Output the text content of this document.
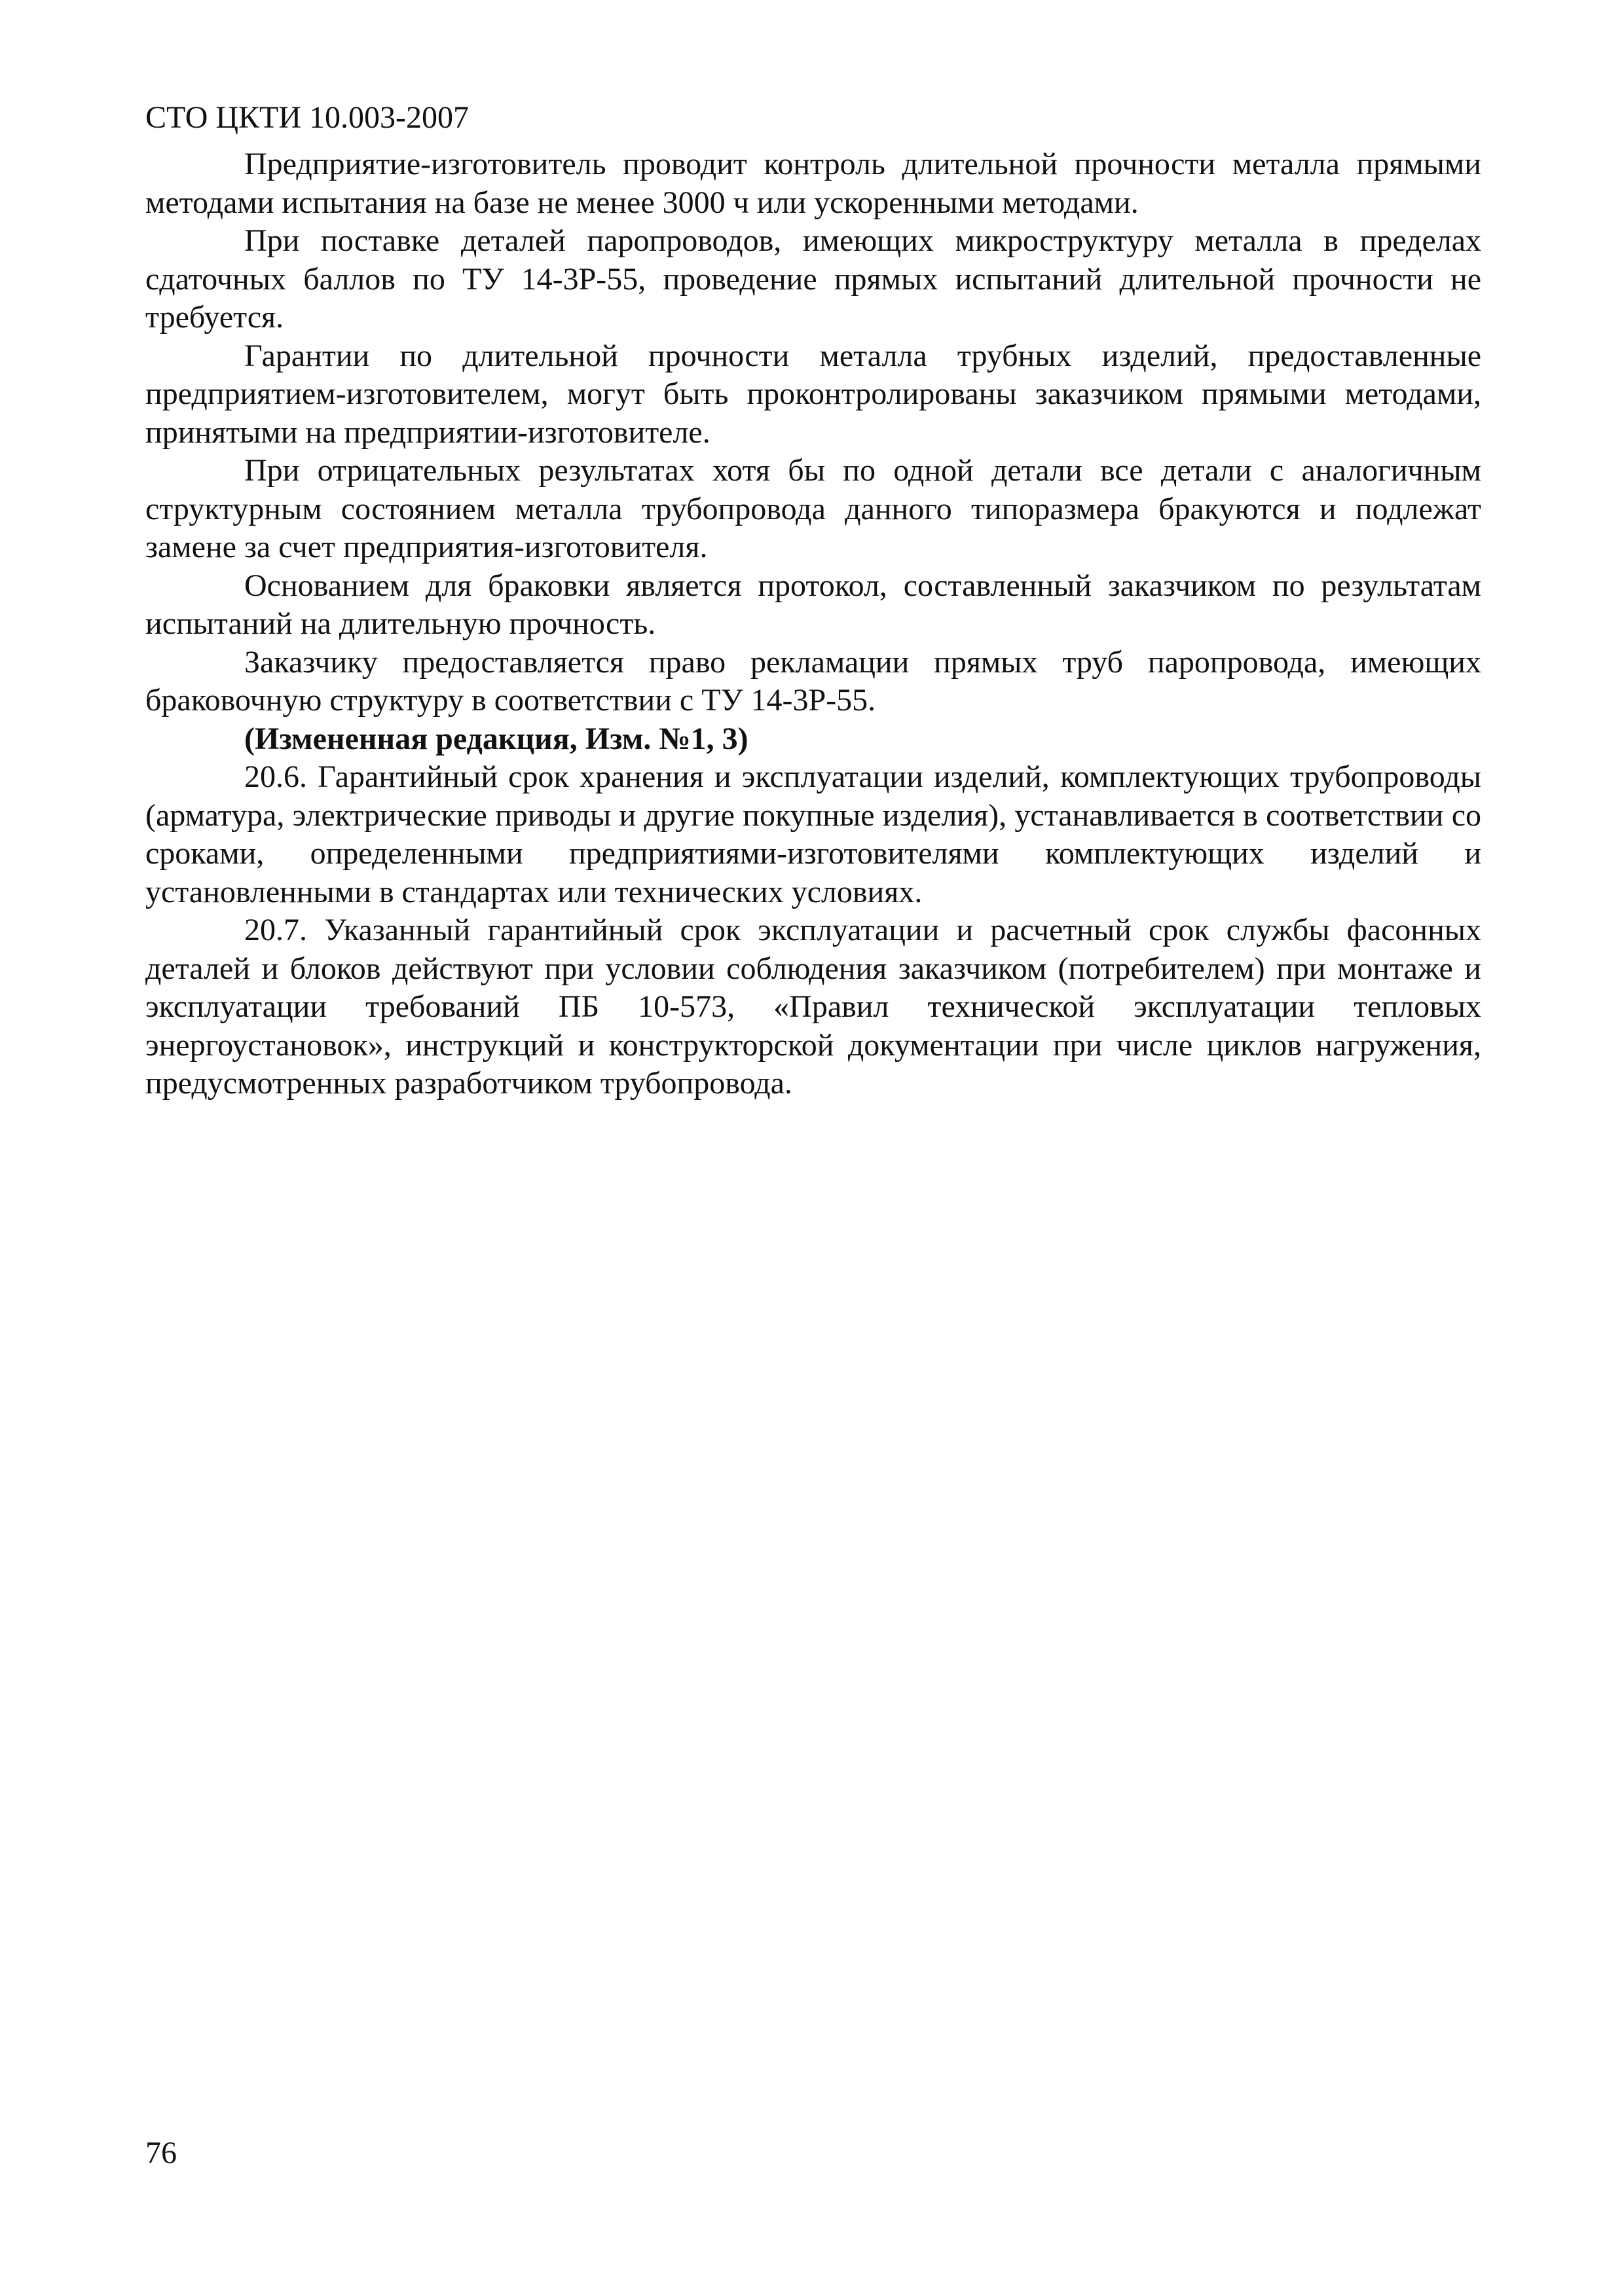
СТО ЦКТИ 10.003-2007

Предприятие-изготовитель проводит контроль длительной прочности металла прямыми методами испытания на базе не менее 3000 ч или ускоренными методами.

При поставке деталей паропроводов, имеющих микроструктуру металла в пределах сдаточных баллов по ТУ 14-3Р-55, проведение прямых испытаний длительной прочности не требуется.

Гарантии по длительной прочности металла трубных изделий, предоставленные предприятием-изготовителем, могут быть проконтролированы заказчиком прямыми методами, принятыми на предприятии-изготовителе.

При отрицательных результатах хотя бы по одной детали все детали с аналогичным структурным состоянием металла трубопровода данного типоразмера бракуются и подлежат замене за счет предприятия-изготовителя.

Основанием для браковки является протокол, составленный заказчиком по результатам испытаний на длительную прочность.

Заказчику предоставляется право рекламации прямых труб паропровода, имеющих браковочную структуру в соответствии с ТУ 14-3Р-55.

(Измененная редакция, Изм. №1, 3)

20.6. Гарантийный срок хранения и эксплуатации изделий, комплектующих трубопроводы (арматура, электрические приводы и другие покупные изделия), устанавливается в соответствии со сроками, определенными предприятиями-изготовителями комплектующих изделий и установленными в стандартах или технических условиях.

20.7. Указанный гарантийный срок эксплуатации и расчетный срок службы фасонных деталей и блоков действуют при условии соблюдения заказчиком (потребителем) при монтаже и эксплуатации требований ПБ 10-573, «Правил технической эксплуатации тепловых энергоустановок», инструкций и конструкторской документации при числе циклов нагружения, предусмотренных разработчиком трубопровода.

76
